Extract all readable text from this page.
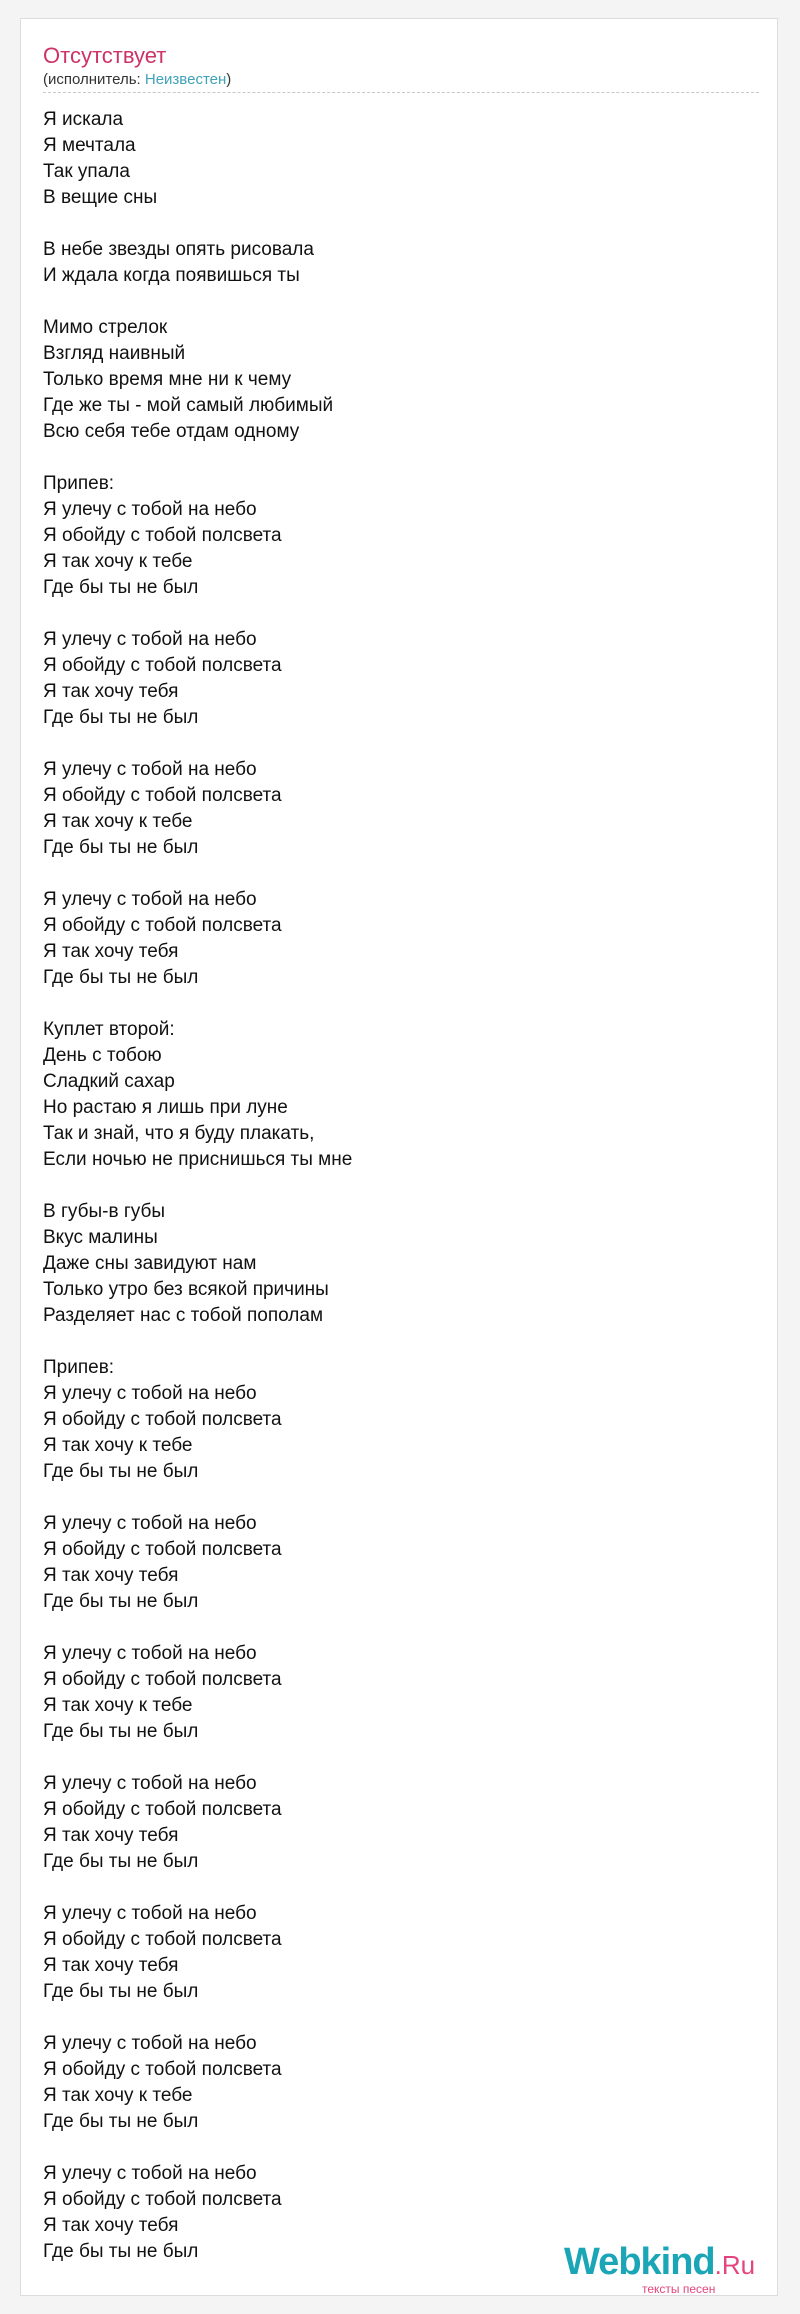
Отсутствует
(исполнитель: Неизвестен)
Я искала
Я мечтала
Так упала
В вещие сны
В небе звезды опять рисовала
И ждала когда появишься ты
Мимо стрелок
Взгляд наивный
Только время мне ни к чему
Где же ты - мой самый любимый
Всю себя тебе отдам одному
Припев:
Я улечу с тобой на небо
Я обойду с тобой полсвета
Я так хочу к тебе
Где бы ты не был
Я улечу с тобой на небо
Я обойду с тобой полсвета
Я так хочу тебя
Где бы ты не был
Я улечу с тобой на небо
Я обойду с тобой полсвета
Я так хочу к тебе
Где бы ты не был
Я улечу с тобой на небо
Я обойду с тобой полсвета
Я так хочу тебя
Где бы ты не был
Куплет второй:
День с тобою
Сладкий сахар
Но растаю я лишь при луне
Так и знай, что я буду плакать,
Если ночью не приснишься ты мне
В губы-в губы
Вкус малины
Даже сны завидуют нам
Только утро без всякой причины
Разделяет нас с тобой пополам
Припев:
Я улечу с тобой на небо
Я обойду с тобой полсвета
Я так хочу к тебе
Где бы ты не был
Я улечу с тобой на небо
Я обойду с тобой полсвета
Я так хочу тебя
Где бы ты не был
Я улечу с тобой на небо
Я обойду с тобой полсвета
Я так хочу к тебе
Где бы ты не был
Я улечу с тобой на небо
Я обойду с тобой полсвета
Я так хочу тебя
Где бы ты не был
Я улечу с тобой на небо
Я обойду с тобой полсвета
Я так хочу тебя
Где бы ты не был
Я улечу с тобой на небо
Я обойду с тобой полсвета
Я так хочу к тебе
Где бы ты не был
Я улечу с тобой на небо
Я обойду с тобой полсвета
Я так хочу тебя
Где бы ты не был	Webkind.Ru
тексты песен
